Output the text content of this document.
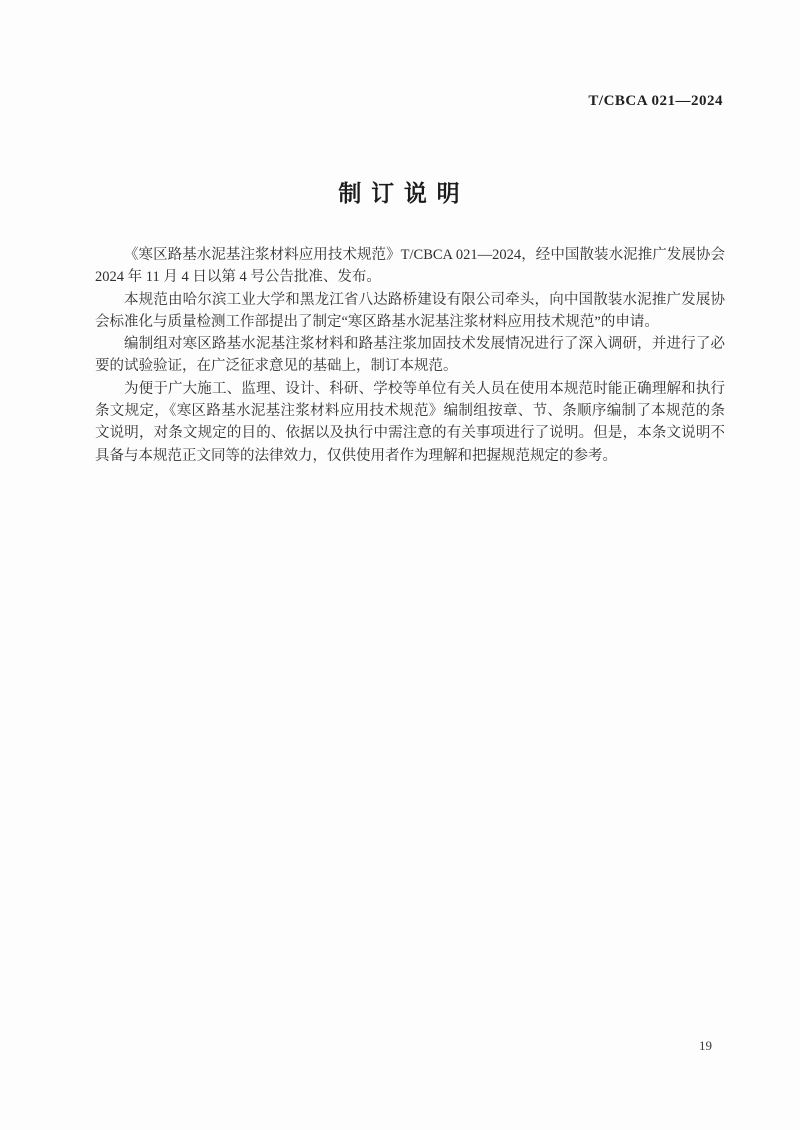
T/CBCA 021—2024
制 订 说 明

《寒区路基水泥基注浆材料应用技术规范》T/CBCA 021—2024，经中国散装水泥推广发展协会 2024 年 11 月 4 日以第 4 号公告批准、发布。

本规范由哈尔滨工业大学和黑龙江省八达路桥建设有限公司牵头，向中国散装水泥推广发展协会标准化与质量检测工作部提出了制定“寒区路基水泥基注浆材料应用技术规范”的申请。

编制组对寒区路基水泥基注浆材料和路基注浆加固技术发展情况进行了深入调研，并进行了必要的试验验证，在广泛征求意见的基础上，制订本规范。

为便于广大施工、监理、设计、科研、学校等单位有关人员在使用本规范时能正确理解和执行条文规定，《寒区路基水泥基注浆材料应用技术规范》编制组按章、节、条顺序编制了本规范的条文说明，对条文规定的目的、依据以及执行中需注意的有关事项进行了说明。但是，本条文说明不具备与本规范正文同等的法律效力，仅供使用者作为理解和把握规范规定的参考。

19
